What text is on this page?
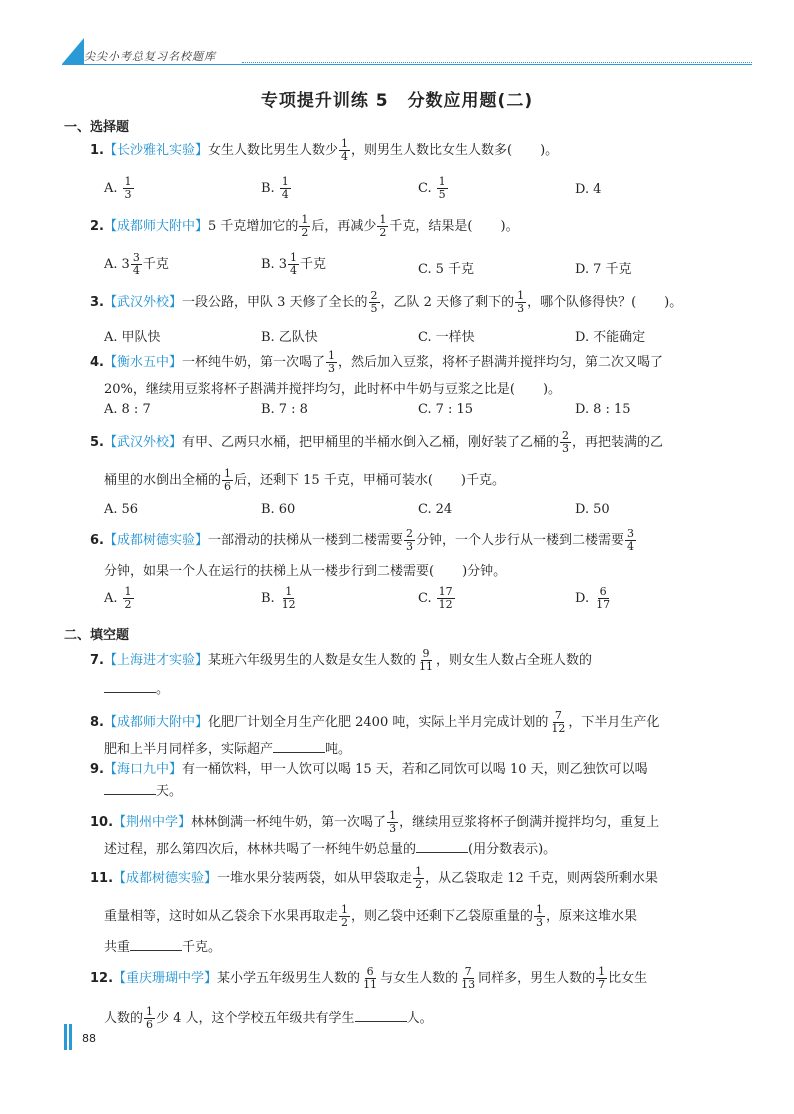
尖尖小考总复习名校题库
专项提升训练 5 分数应用题(二)
一、选择题
1.【长沙雅礼实验】女生人数比男生人数少 $\frac{1}{4}$ ，则男生人数比女生人数多( )。
A. $\frac{1}{3}$	B. $\frac{1}{4}$	C. $\frac{1}{5}$	D. 4
2.【成都师大附中】5 千克增加它的 $\frac{1}{2}$ 后，再减少 $\frac{1}{2}$ 千克，结果是( )。
A. $3 \frac{3}{4}$ 千克	B. $3 \frac{1}{4}$ 千克	C. 5 千克	D. 7 千克
3.【武汉外校】一段公路，甲队 3 天修了全长的 $\frac{2}{5}$ ，乙队 2 天修了剩下的 $\frac{1}{3}$ ，哪个队修得快？( )。
A. 甲队快	B. 乙队快	C. 一样快	D. 不能确定
4.【衡水五中】一杯纯牛奶，第一次喝了 $\frac{1}{3}$ ，然后加入豆浆，将杯子斟满并搅拌均匀，第二次又喝了
20%，继续用豆浆将杯子斟满并搅拌均匀，此时杯中牛奶与豆浆之比是( )。
A. 8 : 7	B. 7 : 8	C. 7 : 15	D. 8 : 15
5.【武汉外校】有甲、乙两只水桶，把甲桶里的半桶水倒入乙桶，刚好装了乙桶的 $\frac{2}{3}$ ，再把装满的乙
桶里的水倒出全桶的 $\frac{1}{6}$ 后，还剩下 15 千克，甲桶可装水( )千克。
A. 56	B. 60	C. 24	D. 50
6.【成都树德实验】一部滑动的扶梯从一楼到二楼需要 $\frac{2}{3}$ 分钟，一个人步行从一楼到二楼需要 $\frac{3}{4}$
分钟，如果一个人在运行的扶梯上从一楼步行到二楼需要( )分钟。
A. $\frac{1}{2}$	B. $\frac{1}{12}$	C. $\frac{17}{12}$	D. $\frac{6}{17}$
二、填空题
7.【上海进才实验】某班六年级男生的人数是女生人数的 $\frac{9}{11}$ ，则女生人数占全班人数的
。
8.【成都师大附中】化肥厂计划全月生产化肥 2400 吨，实际上半月完成计划的 $\frac{7}{12}$ ，下半月生产化
肥和上半月同样多，实际超产	吨。
9.【海口九中】有一桶饮料，甲一人饮可以喝 15 天，若和乙同饮可以喝 10 天，则乙独饮可以喝
天。
10.【荆州中学】林林倒满一杯纯牛奶，第一次喝了 $\frac{1}{3}$ ，继续用豆浆将杯子倒满并搅拌均匀，重复上
述过程，那么第四次后，林林共喝了一杯纯牛奶总量的	(用分数表示)。
11.【成都树德实验】一堆水果分装两袋，如从甲袋取走 $\frac{1}{2}$ ，从乙袋取走 12 千克，则两袋所剩水果
重量相等，这时如从乙袋余下水果再取走 $\frac{1}{2}$ ，则乙袋中还剩下乙袋原重量的 $\frac{1}{3}$ ，原来这堆水果
共重	千克。
12.【重庆珊瑚中学】某小学五年级男生人数的 $\frac{6}{11}$ 与女生人数的 $\frac{7}{13}$ 同样多，男生人数的 $\frac{1}{7}$ 比女生
人数的 $\frac{1}{6}$ 少 4 人，这个学校五年级共有学生	人。
88
